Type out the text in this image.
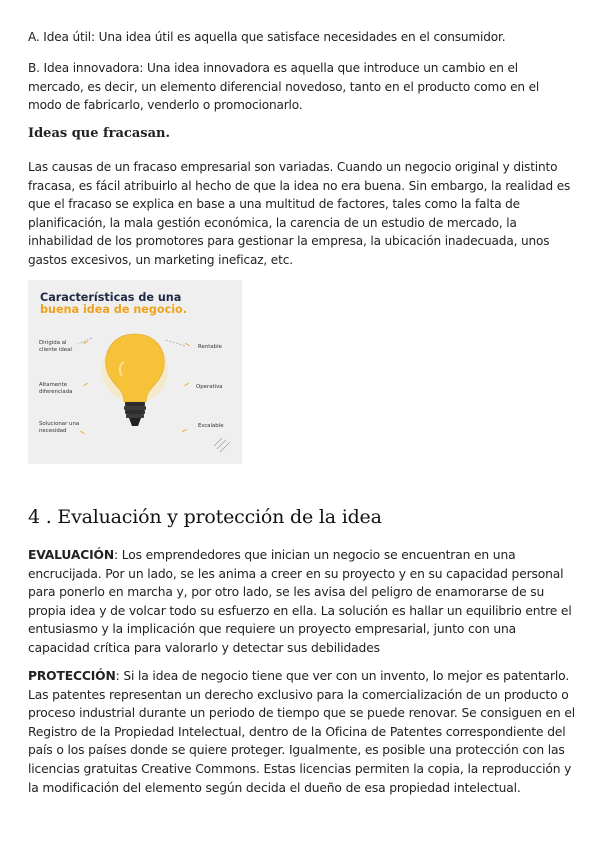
A. Idea útil: Una idea útil es aquella que satisface necesidades en el consumidor.

B. Idea innovadora: Una idea innovadora es aquella que introduce un cambio en el mercado, es decir, un elemento diferencial novedoso, tanto en el producto como en el modo de fabricarlo, venderlo o promocionarlo.

Ideas que fracasan.

Las causas de un fracaso empresarial son variadas. Cuando un negocio original y distinto fracasa, es fácil atribuirlo al hecho de que la idea no era buena. Sin embargo, la realidad es que el fracaso se explica en base a una multitud de factores, tales como la falta de planificación, la mala gestión económica, la carencia de un estudio de mercado, la inhabilidad de los promotores para gestionar la empresa, la ubicación inadecuada, unos gastos excesivos, un marketing ineficaz, etc.

Características de una
buena idea de negocio.
Dirigida al cliente ideal
Altamente diferenciada
Solucionar una necesidad
Rentable
Operativa
Escalable
4 . Evaluación y protección de la idea

EVALUACIÓN: Los emprendedores que inician un negocio se encuentran en una encrucijada. Por un lado, se les anima a creer en su proyecto y en su capacidad personal para ponerlo en marcha y, por otro lado, se les avisa del peligro de enamorarse de su propia idea y de volcar todo su esfuerzo en ella. La solución es hallar un equilibrio entre el entusiasmo y la implicación que requiere un proyecto empresarial, junto con una capacidad crítica para valorarlo y detectar sus debilidades

PROTECCIÓN: Si la idea de negocio tiene que ver con un invento, lo mejor es patentarlo. Las patentes representan un derecho exclusivo para la comercialización de un producto o proceso industrial durante un periodo de tiempo que se puede renovar. Se consiguen en el Registro de la Propiedad Intelectual, dentro de la Oficina de Patentes correspondiente del país o los países donde se quiere proteger. Igualmente, es posible una protección con las licencias gratuitas Creative Commons. Estas licencias permiten la copia, la reproducción y la modificación del elemento según decida el dueño de esa propiedad intelectual.
